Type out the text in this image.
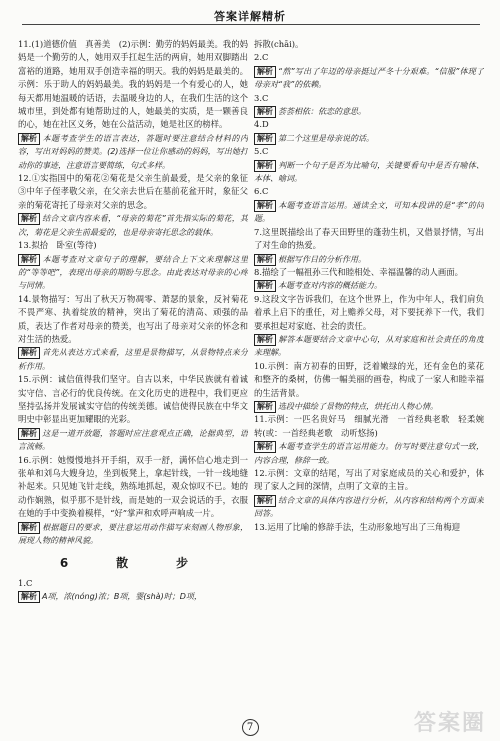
答案详解精析

11.(1)道德价值　真善美　(2)示例：勤劳的妈妈最美。我的妈妈是一个勤劳的人，她用双手扛起生活的两肩，她用双脚踏出富裕的道路，她用双手创造幸福的明天。我的妈妈是最美的。示例：乐于助人的妈妈最美。我的妈妈是一个有爱心的人，她每天都用她温暖的话语，去温暖身边的人，在我们生活的这个城市里，到处都有她帮助过的人，她最美的实质，是一颗善良的心，她在社区义务，她在公益活动，她是社区的榜样。

解析 本题考查学生的语言表达，答题时要注意结合材料的内容，写出对妈妈的赞美。(2)选择一位让你感动的妈妈，写出她打动你的事迹，注意语言要简练，句式多样。

12.①实指国中的菊花②菊花是父亲生前最爱，是父亲的象征③中年子侄孝敬父亲，在父亲去世后在墓前花盆开时，象征父亲的菊花寄托了母亲对父亲的思念。

解析 结合文章内容来看，“母亲的菊花”首先指实际的菊花，其次，菊花是父亲生前最爱的，也是母亲寄托思念的载体。

13.拟拾　卧室(等待)

解析 本题考查对文章句子的理解，要结合上下文来理解这里的“等等吧”，表现出母亲的期盼与思念。由此表达对母亲的心疼与同情。

14.景物描写：写出了秋天万物凋零、萧瑟的景象，反衬菊花不畏严寒、执着绽放的精神，突出了菊花的清高、顽强的品质，表达了作者对母亲的赞美，也写出了母亲对父亲的怀念和对生活的热爱。

解析 首先从表达方式来看，这里是景物描写，从景物特点来分析作用。

15.示例：诚信值得我们坚守。自古以来，中华民族就有着诚实守信、言必行的优良传统。在文化历史的进程中，我们更应坚持弘扬并发展诚实守信的传统美德。诚信使得民族在中华文明史中彰显出更加耀眼的光彩。

解析 这是一道开放题，答题时应注意观点正确，论据典型，语言流畅。

16.示例：她慢慢地抖开手绢，双手一舒，满怀信心地走到一张单和刘乌大嫂身边，坐到板凳上，拿起针线，一针一线地缝补起来。只见她飞针走线，熟练地抓起，观众惊叹不已。她的动作娴熟，似乎那不是针线，而是她的一双会说话的手，衣服在她的手中变换着模样，“好”掌声和欢呼声响成一片。

解析 根据题目的要求，要注意运用动作描写来刻画人物形象，展现人物的精神风貌。

6　散　步

1.C

解析 A项，浓(nóng)浓；B项，霎(shà)时；D项，

拆散(chāi)。

2.C

解析 “熬”写出了年迈的母亲挺过严冬十分艰难。“信服”体现了母亲对“我”的依赖。

3.C

解析 荟荟相依：依恋的意思。

4.D

解析 第二个这里是母亲说的话。

5.C

解析 判断一个句子是否为比喻句，关键要看句中是否有喻体、本体、喻词。

6.C

解析 本题考查语言运用。通读全文，可知本段讲的是“孝”的问题。

7.这里既描绘出了春天田野里的蓬勃生机，又借景抒情，写出了对生命的热爱。

解析 根据写作目的分析作用。

8.描绘了一幅祖孙三代和睦相处、幸福温馨的动人画面。

解析 本题考查对内容的概括能力。

9.这段文字告诉我们，在这个世界上，作为中年人，我们肩负着承上启下的重任，对上赡养父母，对下要抚养下一代，我们要承担起对家庭、社会的责任。

解析 解答本题要结合文章中心句，从对家庭和社会责任的角度来理解。

10.示例：南方初春的田野，泛着嫩绿的光，还有金色的菜花和整齐的桑树，仿佛一幅美丽的画卷，构成了一家人和睦幸福的生活背景。

解析 选段中描绘了景物的特点，烘托出人物心情。

11.示例：一匹名贵好马　细腻光滑　一首经典老歌　轻柔婉转(或：一首经典老歌　动听悠扬)

解析 本题考查学生的语言运用能力。仿写时要注意句式一致，内容合理，修辞一致。

12.示例：文章的结尾，写出了对家庭成员的关心和爱护，体现了家人之间的深情，点明了文章的主旨。

解析 结合文章的具体内容进行分析，从内容和结构两个方面来回答。

13.运用了比喻的修辞手法，生动形象地写出了三角梅迎

答案圈
7
